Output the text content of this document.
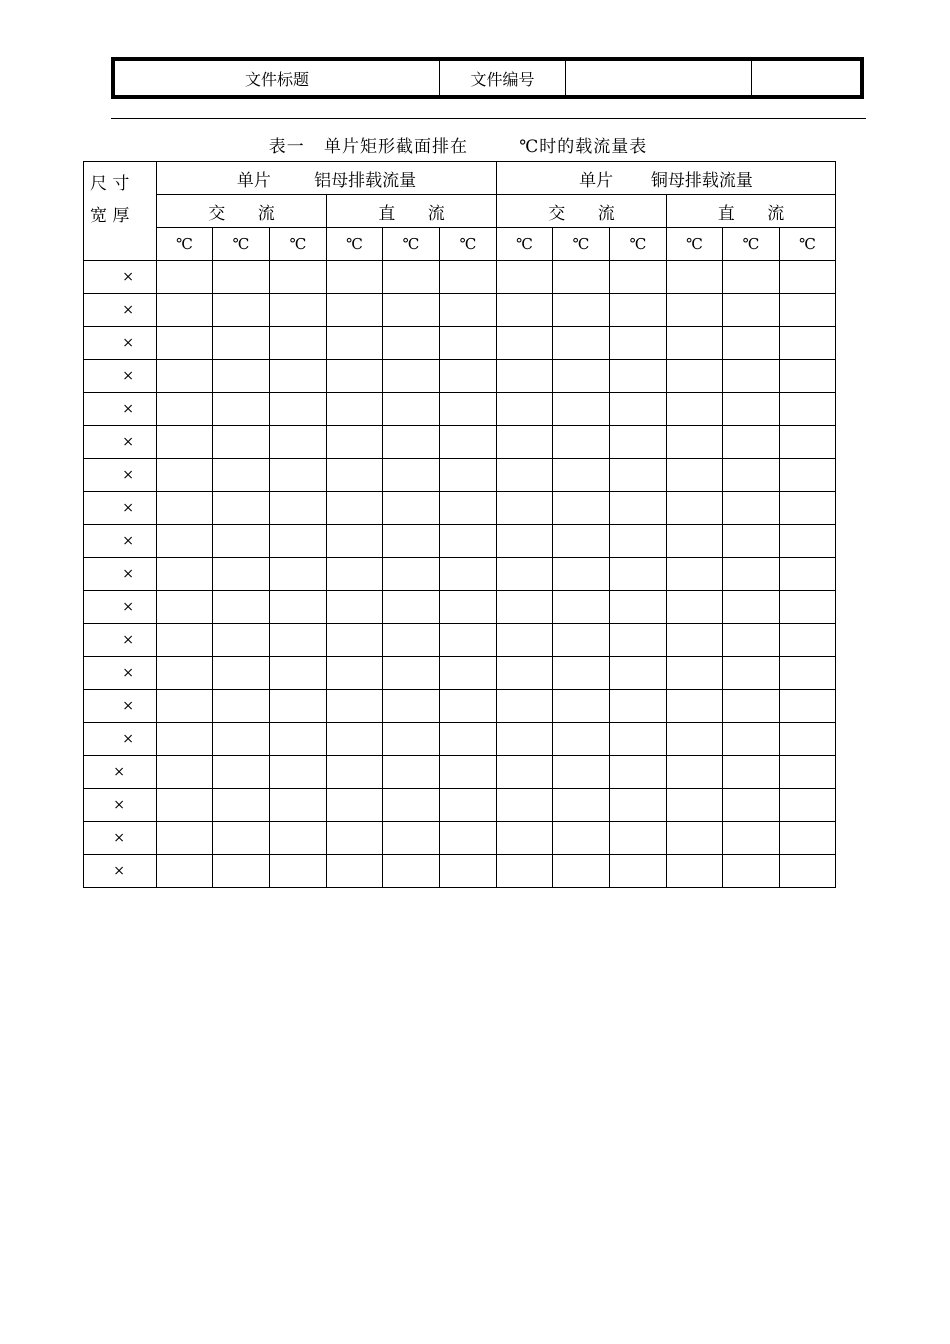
文件标题	文件编号		
表一   单片矩形截面排在        ℃时的载流量表
尺 寸
宽 厚	单片        铝母排载流量						单片       铜母排载流量					
	交      流			直      流			交      流			直      流		
	℃	℃	℃	℃	℃	℃	℃	℃	℃	℃	℃	℃
×												
×												
×												
×												
×												
×												
×												
×												
×												
×												
×												
×												
×												
×												
×												
×												
×												
×												
×												
